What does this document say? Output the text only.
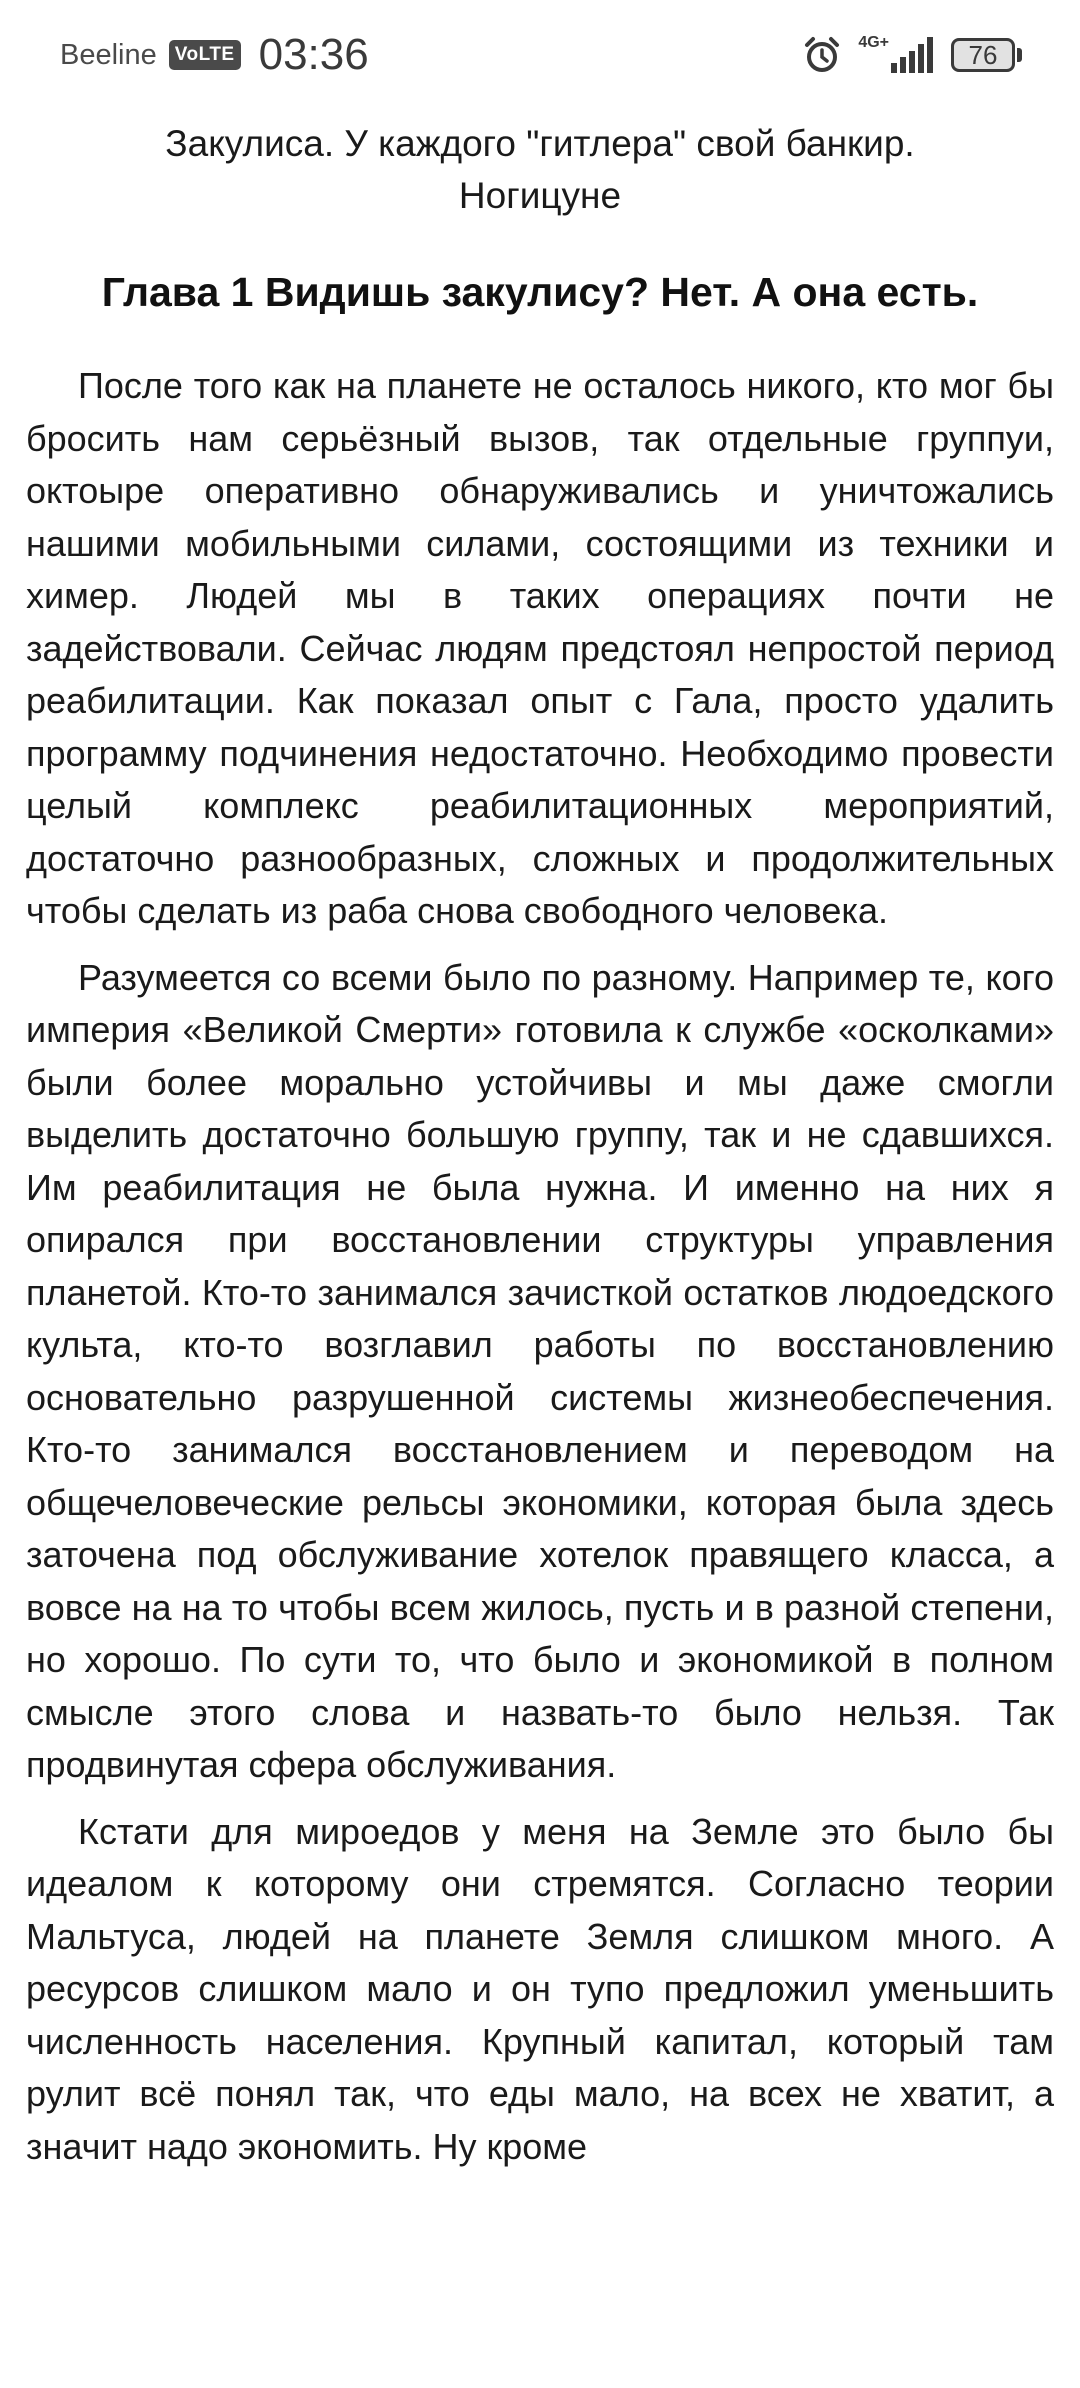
Beeline VoLTE 03:36	4G+	76

Закулиса. У каждого "гитлера" свой банкир.
Ногицуне

Глава 1 Видишь закулису? Нет. А она есть.

После того как на планете не осталось никого, кто мог бы бросить нам серьёзный вызов, так отдельные группуи, октоыре оперативно обнаруживались и уничтожались нашими мобильными силами, состоящими из техники и химер. Людей мы в таких операциях почти не задействовали. Сейчас людям предстоял непростой период реабилитации. Как показал опыт с Гала, просто удалить программу подчинения недостаточно. Необходимо провести целый комплекс реабилитационных мероприятий, достаточно разнообразных, сложных и продолжительных чтобы сделать из раба снова свободного человека.

Разумеется со всеми было по разному. Например те, кого империя «Великой Смерти» готовила к службе «осколками» были более морально устойчивы и мы даже смогли выделить достаточно большую группу, так и не сдавшихся. Им реабилитация не была нужна. И именно на них я опирался при восстановлении структуры управления планетой. Кто-то занимался зачисткой остатков людоедского культа, кто-то возглавил работы по восстановлению основательно разрушенной системы жизнеобеспечения. Кто-то занимался восстановлением и переводом на общечеловеческие рельсы экономики, которая была здесь заточена под обслуживание хотелок правящего класса, а вовсе на на то чтобы всем жилось, пусть и в разной степени, но хорошо. По сути то, что было и экономикой в полном смысле этого слова и назвать-то было нельзя. Так продвинутая сфера обслуживания.

Кстати для мироедов у меня на Земле это было бы идеалом к которому они стремятся. Согласно теории Мальтуса, людей на планете Земля слишком много. А ресурсов слишком мало и он тупо предложил уменьшить численность населения. Крупный капитал, который там рулит всё понял так, что еды мало, на всех не хватит, а значит надо экономить. Ну кроме
